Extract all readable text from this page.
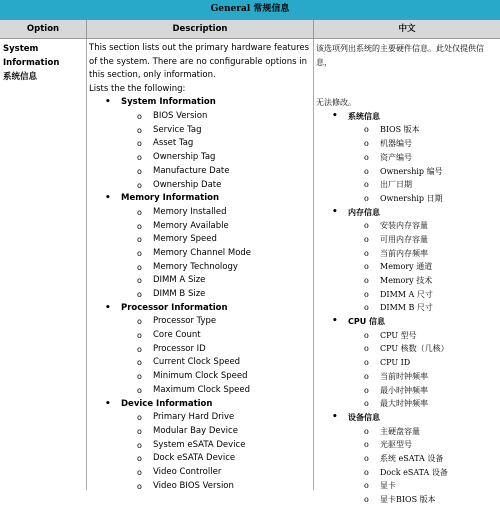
General 常规信息
Option	Description	中文
System Information
系统信息

This section lists out the primary hardware features of the system. There are no configurable options in this section, only information.

Lists the the following:

• System Information
o BIOS Version
o Service Tag
o Asset Tag
o Ownership Tag
o Manufacture Date
o Ownership Date
• Memory Information
o Memory Installed
o Memory Available
o Memory Speed
o Memory Channel Mode
o Memory Technology
o DIMM A Size
o DIMM B Size
• Processor Information
o Processor Type
o Core Count
o Processor ID
o Current Clock Speed
o Minimum Clock Speed
o Maximum Clock Speed
• Device Information
o Primary Hard Drive
o Modular Bay Device
o System eSATA Device
o Dock eSATA Device
o Video Controller
o Video BIOS Version

该选项列出系统的主要硬件信息。此处仅提供信息，

无法修改。

• 系统信息
o BIOS 版本
o 机器编号
o 资产编号
o Ownership 编号
o 出厂日期
o Ownership 日期
• 内存信息
o 安装内存容量
o 可用内存容量
o 当前内存频率
o Memory 通道
o Memory 技术
o DIMM A 尺寸
o DIMM B 尺寸
• CPU 信息
o CPU 型号
o CPU 核数（几核）
o CPU ID
o 当前时钟频率
o 最小时钟频率
o 最大时钟频率
• 设备信息
o 主硬盘容量
o 光驱型号
o 系统 eSATA 设备
o Dock eSATA 设备
o 显卡
o 显卡BIOS 版本
